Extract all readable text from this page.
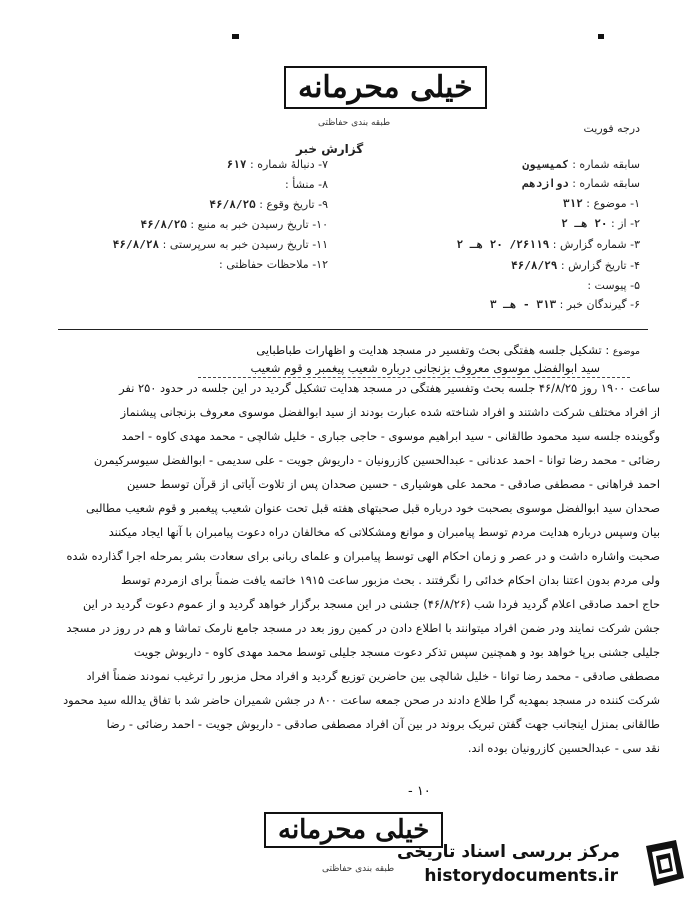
خیلی محرمانه
طبقه بندی حفاظتی	درجه فوریت
گزارش خبر
سابقه شماره : کمیسیون
سابقه شماره : دوازدهم
۱- موضوع : ۳۱۲
۲- از : ۲۰ هـ ۲
۳- شماره گزارش : ۲۶۱۱۹/ ۲۰ هـ ۲
۴- تاریخ گزارش : ۴۶/۸/۲۹
۵- پیوست :
۶- گیرندگان خبر : ۳۱۳ - هـ ۳
۷- دنبالهٔ شماره : ۶۱۷
۸- منشأ :
۹- تاریخ وقوع : ۴۶/۸/۲۵
۱۰- تاریخ رسیدن خبر به منبع : ۴۶/۸/۲۵
۱۱- تاریخ رسیدن خبر به سرپرستی : ۴۶/۸/۲۸
۱۲- ملاحظات حفاظتی :
موضوع : تشکیل جلسه هفتگی بحث وتفسیر در مسجد هدایت و اظهارات طباطبایی
سید ابوالفضل موسوی معروف بزنجانی درباره شعیب پیغمبر و قوم شعیب
ساعت ۱۹۰۰ روز ۴۶/۸/۲۵ جلسه بحث وتفسیر هفتگی در مسجد هدایت تشکیل گردید در این جلسه در حدود ۲۵۰ نفر
از افراد مختلف شرکت داشتند و افراد شناخته شده عبارت بودند از سید ابوالفضل موسوی معروف بزنجانی پیشنماز
وگوینده جلسه سید محمود طالقانی - سید ابراهیم موسوی - حاجی جباری - خلیل شالچی - محمد مهدی کاوه - احمد
رضائی - محمد رضا توانا - احمد عدنانی - عبدالحسین کازرونیان - داریوش جویت - علی سدیمی - ابوالفضل سیوسرکیمرن
احمد فراهانی - مصطفی صادقی - محمد علی هوشیاری - حسین صحدان پس از تلاوت آیاتی از قرآن توسط حسین
صحدان سید ابوالفضل موسوی بصحبت خود درباره قبل صحبتهای هفته قبل تحت عنوان شعیب پیغمبر و قوم شعیب مطالبی
بیان وسپس درباره هدایت مردم توسط پیامبران و موانع ومشکلاتی که مخالفان دراه دعوت پیامبران با آنها ایجاد میکنند
صحبت واشاره داشت و در عصر و زمان احکام الهی توسط پیامبران و علمای ربانی برای سعادت بشر بمرحله اجرا گذارده شده
ولی مردم بدون اعتنا بدان احکام خدائی را نگرفتند . بحث مزبور ساعت ۱۹۱۵ خاتمه یافت ضمناً برای ازمردم توسط
حاج احمد صادقی اعلام گردید فردا شب (۴۶/۸/۲۶) جشنی در این مسجد برگزار خواهد گردید و از عموم دعوت گردید در این
جشن شرکت نمایند ودر ضمن افراد میتوانند با اطلاع دادن در کمین روز بعد در مسجد جامع نارمک تماشا و هم در روز در مسجد
جلیلی جشنی برپا خواهد بود و همچنین سپس تذکر دعوت مسجد جلیلی توسط محمد مهدی کاوه - داریوش جویت
مصطفی صادقی - محمد رضا توانا - خلیل شالچی بین حاضرین توزیع گردید و افراد محل مزبور را ترغیب نمودند ضمناً افراد
شرکت کننده در مسجد بمهدیه گرا طلاع دادند در صحن جمعه ساعت ۸۰۰ در جشن شمیران حاضر شد با تفاق یدالله سید محمود
طالقانی بمنزل اینجانب جهت گفتن تبریک بروند در بین آن افراد مصطفی صادقی - داریوش جویت - احمد رضائی - رضا
نقد سی - عبدالحسین کازرونیان بوده اند.
- ۱۰
خیلی محرمانه
طبقه بندی حفاظتی
مرکز بررسی اسناد تاریخی
historydocuments.ir
